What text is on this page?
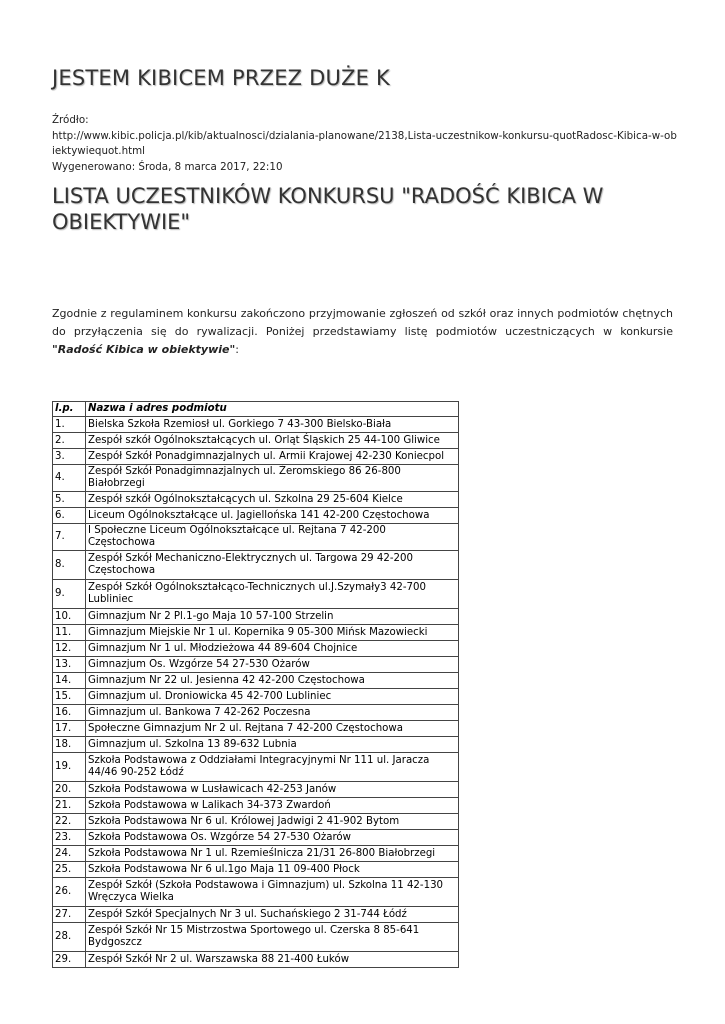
JESTEM KIBICEM PRZEZ DUŻE K
Źródło:
http://www.kibic.policja.pl/kib/aktualnosci/dzialania-planowane/2138,Lista-uczestnikow-konkursu-quotRadosc-Kibica-w-obiektywiequot.html
Wygenerowano: Środa, 8 marca 2017, 22:10
LISTA UCZESTNIKÓW KONKURSU "RADOŚĆ KIBICA W OBIEKTYWIE"

Zgodnie z regulaminem konkursu zakończono przyjmowanie zgłoszeń od szkół oraz innych podmiotów chętnych do przyłączenia się do rywalizacji. Poniżej przedstawiamy listę podmiotów uczestniczących w konkursie "Radość Kibica w obiektywie":

l.p.	Nazwa i adres podmiotu
1.	Bielska Szkoła Rzemiosł ul. Gorkiego 7 43-300 Bielsko-Biała
2.	Zespół szkół Ogólnokształcących ul. Orląt Śląskich 25 44-100 Gliwice
3.	Zespół Szkół Ponadgimnazjalnych ul. Armii Krajowej 42-230 Koniecpol
4.	Zespół Szkół Ponadgimnazjalnych ul. Żeromskiego 86 26-800 Białobrzegi
5.	Zespół szkół Ogólnokształcących ul. Szkolna 29 25-604 Kielce
6.	Liceum Ogólnokształcące ul. Jagiellońska 141 42-200 Częstochowa
7.	I Społeczne Liceum Ogólnokształcące ul. Rejtana 7 42-200 Częstochowa
8.	Zespół Szkół Mechaniczno-Elektrycznych ul. Targowa 29 42-200 Częstochowa
9.	Zespół Szkół Ogólnokształcąco-Technicznych ul.J.Szymały3 42-700 Lubliniec
10.	Gimnazjum Nr 2 Pl.1-go Maja 10 57-100 Strzelin
11.	Gimnazjum Miejskie Nr 1 ul. Kopernika 9 05-300 Mińsk Mazowiecki
12.	Gimnazjum Nr 1 ul. Młodzieżowa 44 89-604 Chojnice
13.	Gimnazjum Os. Wzgórze 54 27-530 Ożarów
14.	Gimnazjum Nr 22 ul. Jesienna 42 42-200 Częstochowa
15.	Gimnazjum ul. Droniowicka 45 42-700 Lubliniec
16.	Gimnazjum ul. Bankowa 7 42-262 Poczesna
17.	Społeczne Gimnazjum Nr 2 ul. Rejtana 7 42-200 Częstochowa
18.	Gimnazjum ul. Szkolna 13 89-632 Lubnia
19.	Szkoła Podstawowa z Oddziałami Integracyjnymi Nr 111 ul. Jaracza 44/46 90-252 Łódź
20.	Szkoła Podstawowa w Lusławicach 42-253 Janów
21.	Szkoła Podstawowa w Lalikach 34-373 Zwardoń
22.	Szkoła Podstawowa Nr 6 ul. Królowej Jadwigi 2 41-902 Bytom
23.	Szkoła Podstawowa Os. Wzgórze 54 27-530 Ożarów
24.	Szkoła Podstawowa Nr 1 ul. Rzemieślnicza 21/31 26-800 Białobrzegi
25.	Szkoła Podstawowa Nr 6 ul.1go Maja 11 09-400 Płock
26.	Zespół Szkół (Szkoła Podstawowa i Gimnazjum) ul. Szkolna 11 42-130 Wręczyca Wielka
27.	Zespół Szkół Specjalnych Nr 3 ul. Suchańskiego 2 31-744 Łódź
28.	Zespół Szkół Nr 15 Mistrzostwa Sportowego ul. Czerska 8 85-641 Bydgoszcz
29.	Zespół Szkół Nr 2 ul. Warszawska 88 21-400 Łuków
